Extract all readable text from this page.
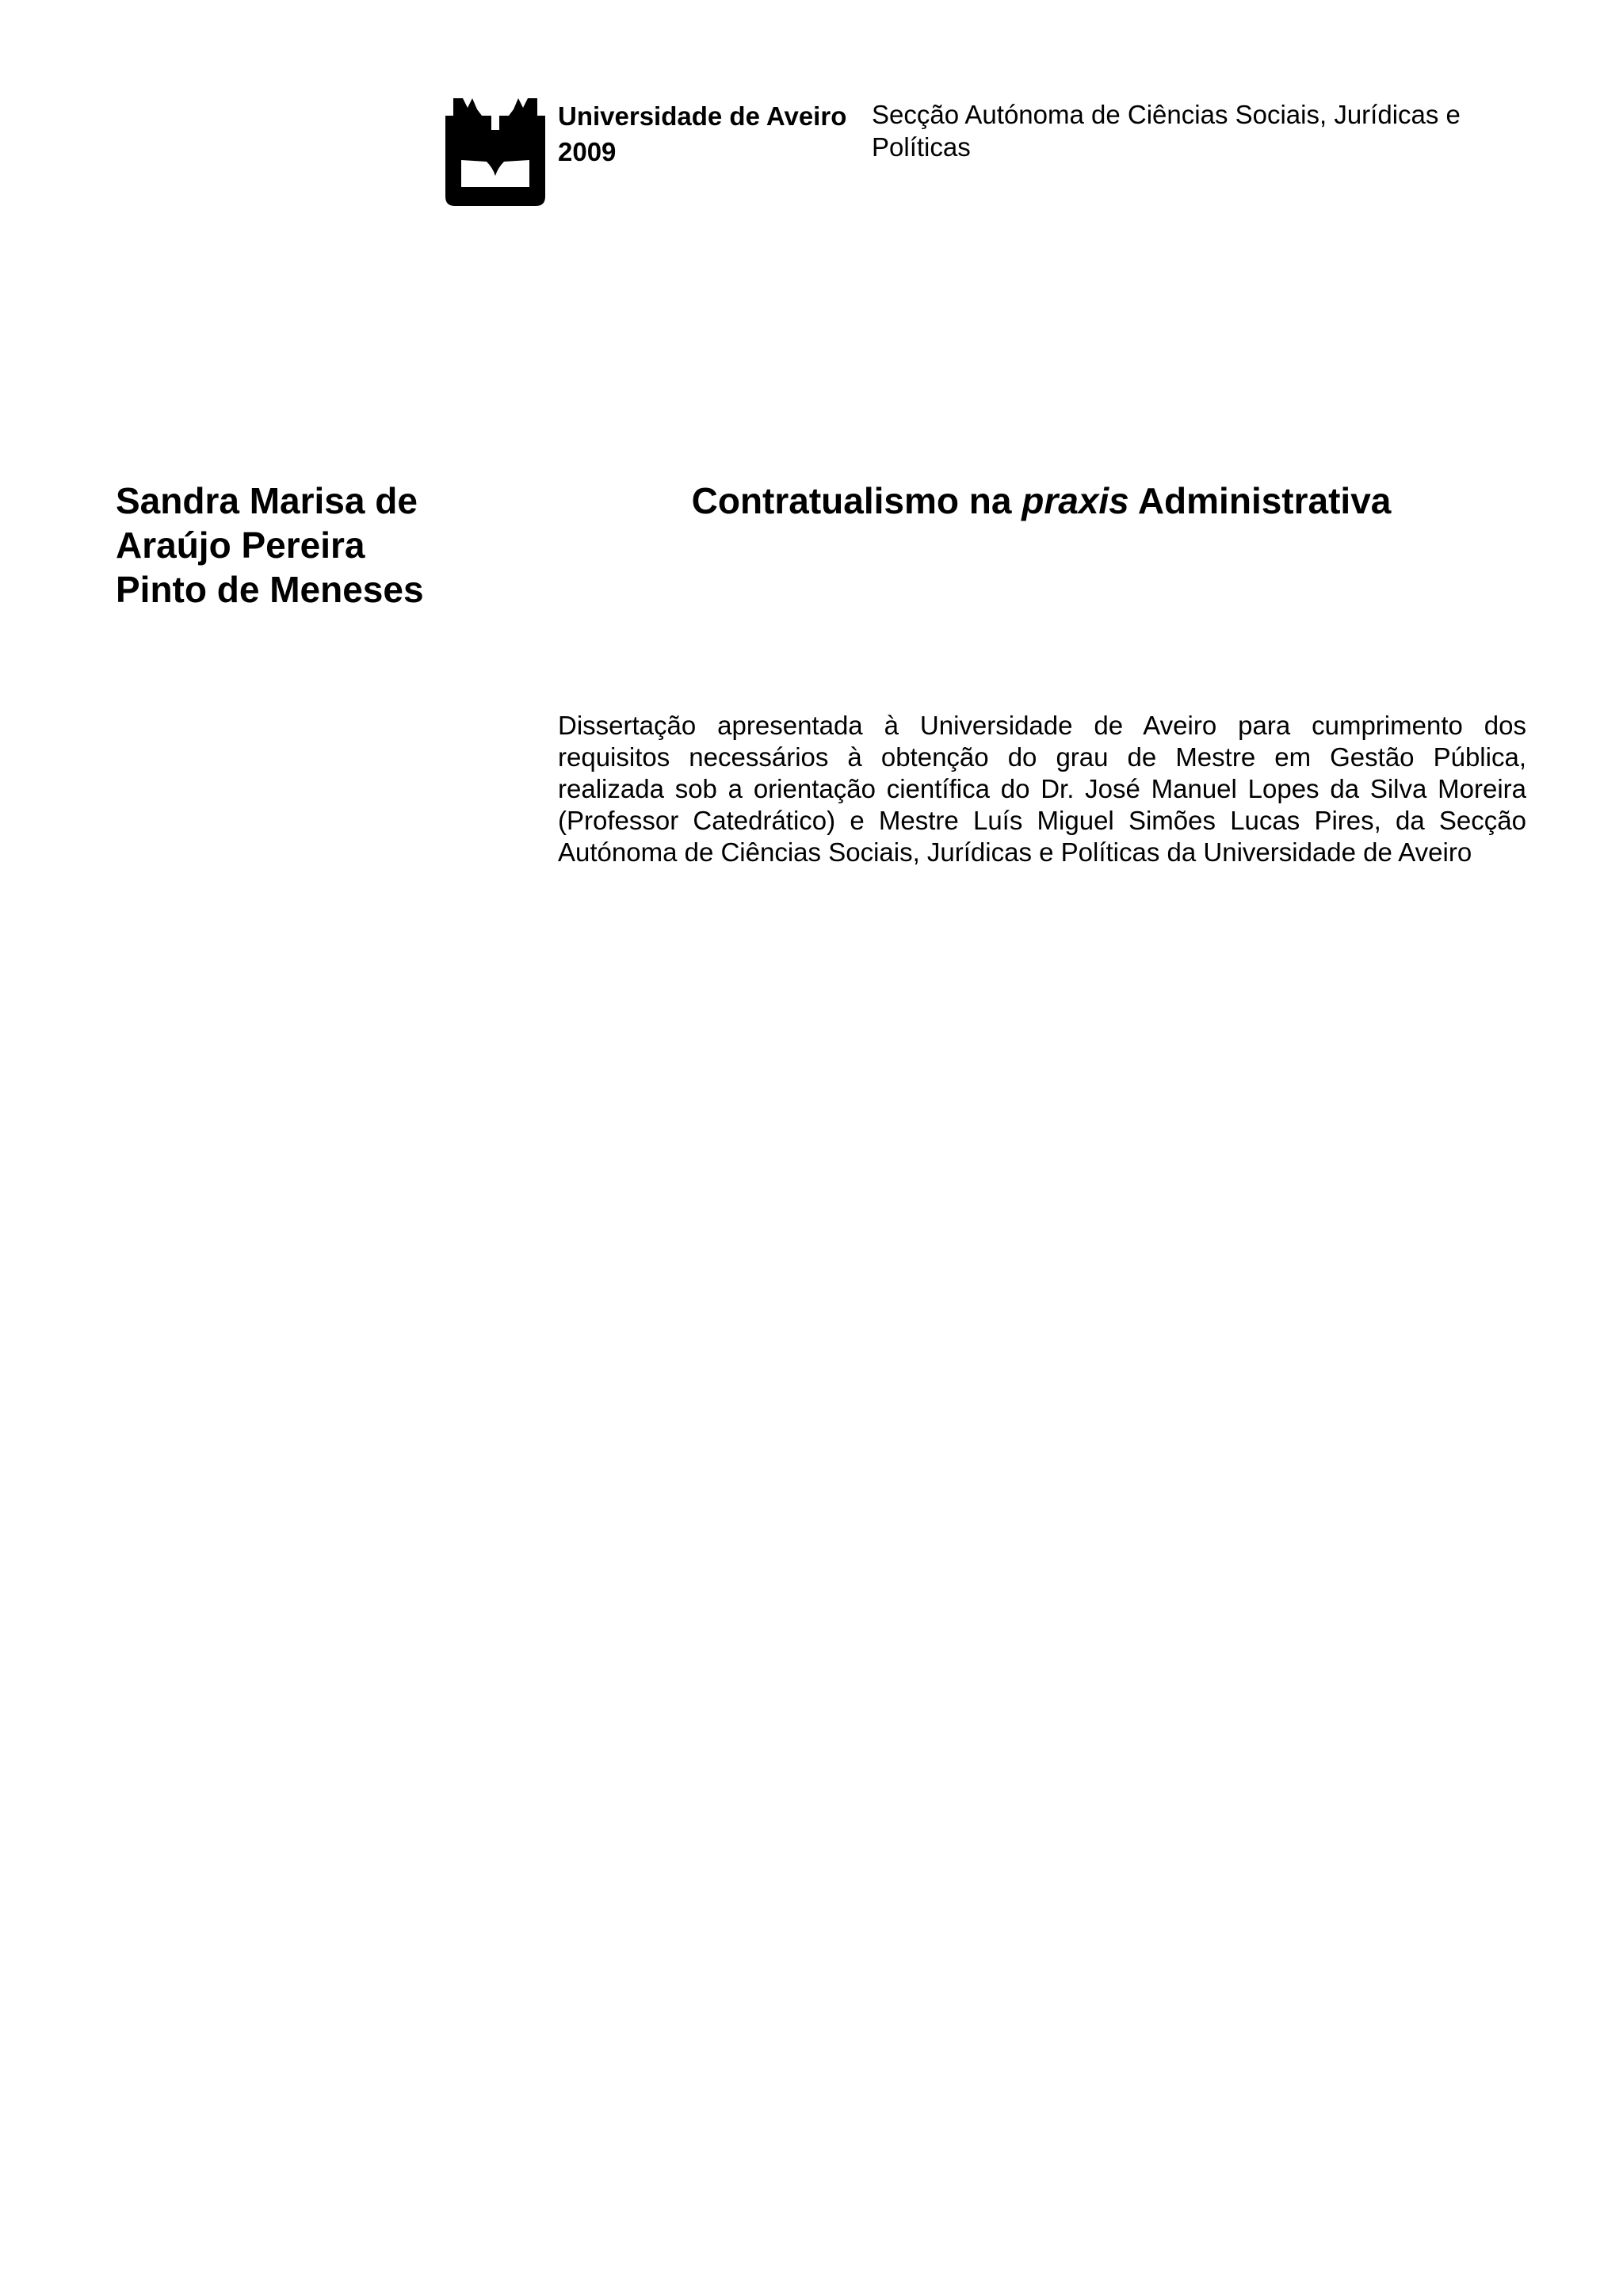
Universidade de Aveiro
2009
Secção Autónoma de Ciências Sociais, Jurídicas e
Políticas
Sandra Marisa de
Araújo Pereira
Pinto de Meneses
Contratualismo na praxis Administrativa
Dissertação apresentada à Universidade de Aveiro para cumprimento dos
requisitos necessários à obtenção do grau de Mestre em Gestão Pública,
realizada sob a orientação científica do Dr. José Manuel Lopes da Silva Moreira
(Professor Catedrático) e Mestre Luís Miguel Simões Lucas Pires, da Secção
Autónoma de Ciências Sociais, Jurídicas e Políticas da Universidade de Aveiro
